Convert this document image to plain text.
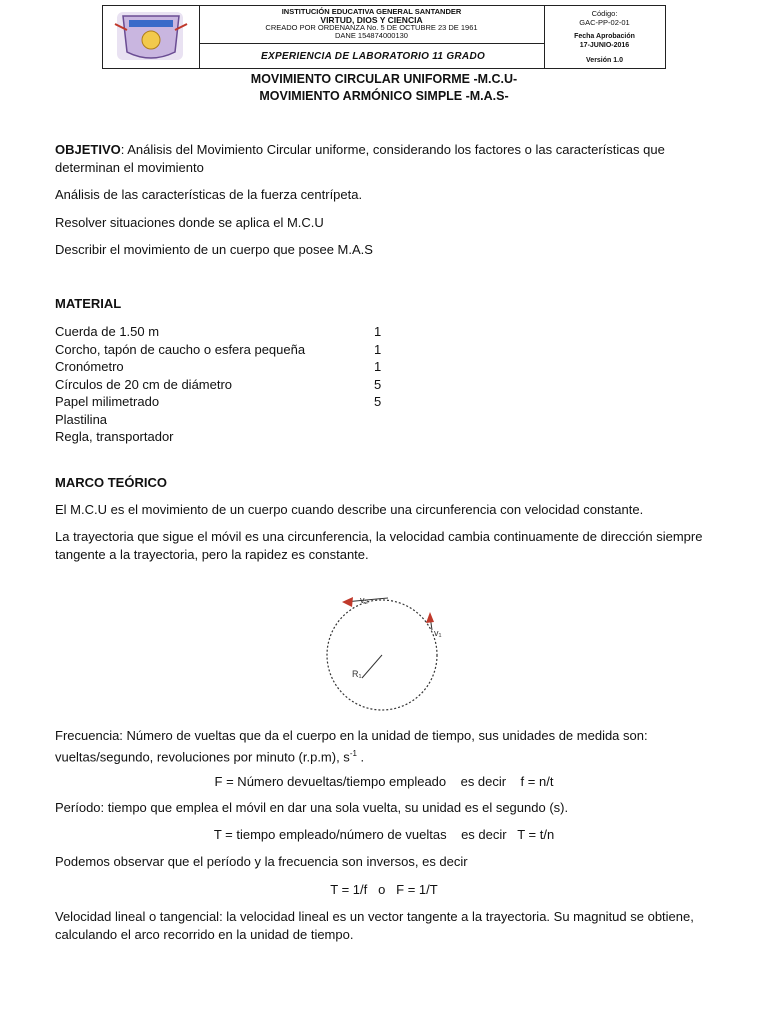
INSTITUCIÓN EDUCATIVA GENERAL SANTANDER
VIRTUD, DIOS Y CIENCIA
CREADO POR ORDENANZA No. 5 DE OCTUBRE 23 DE 1961
DANE 154874000130
EXPERIENCIA DE LABORATORIO 11 GRADO
Código:
GAC-PP-02-01
Fecha Aprobación
17-JUNIO-2016
Versión 1.0
MOVIMIENTO CIRCULAR UNIFORME -M.C.U-
MOVIMIENTO ARMÓNICO SIMPLE -M.A.S-

OBJETIVO: Análisis del Movimiento Circular uniforme, considerando los factores o las características que

determinan el movimiento

Análisis de las características de la fuerza centrípeta.

Resolver situaciones donde se aplica el M.C.U

Describir el movimiento de un cuerpo que posee M.A.S

MATERIAL

Cuerda de 1.50 m	1
Corcho, tapón de caucho o esfera pequeña	1
Cronómetro	1
Círculos de 20 cm de diámetro	5
Papel milimetrado	5
Plastilina
Regla, transportador

MARCO TEÓRICO

El M.C.U es el movimiento de un cuerpo cuando describe una circunferencia con velocidad constante.

La trayectoria que sigue el móvil es una circunferencia, la velocidad cambia continuamente de dirección siempre

tangente a la trayectoria, pero la rapidez es constante.

v₂
v₁
R₁

Frecuencia: Número de vueltas que da el cuerpo en la unidad de tiempo, sus unidades de medida son:

vueltas/segundo, revoluciones por minuto (r.p.m), $s^{-1}$ .

F = Número devueltas/tiempo empleado    es decir    f = n/t

Período: tiempo que emplea el móvil en dar una sola vuelta, su unidad es el segundo (s).

T = tiempo empleado/número de vueltas    es decir   T = t/n

Podemos observar que el período y la frecuencia son inversos, es decir

T = 1/f   o   F = 1/T

Velocidad lineal o tangencial: la velocidad lineal es un vector tangente a la trayectoria. Su magnitud se obtiene,

calculando el arco recorrido en la unidad de tiempo.
